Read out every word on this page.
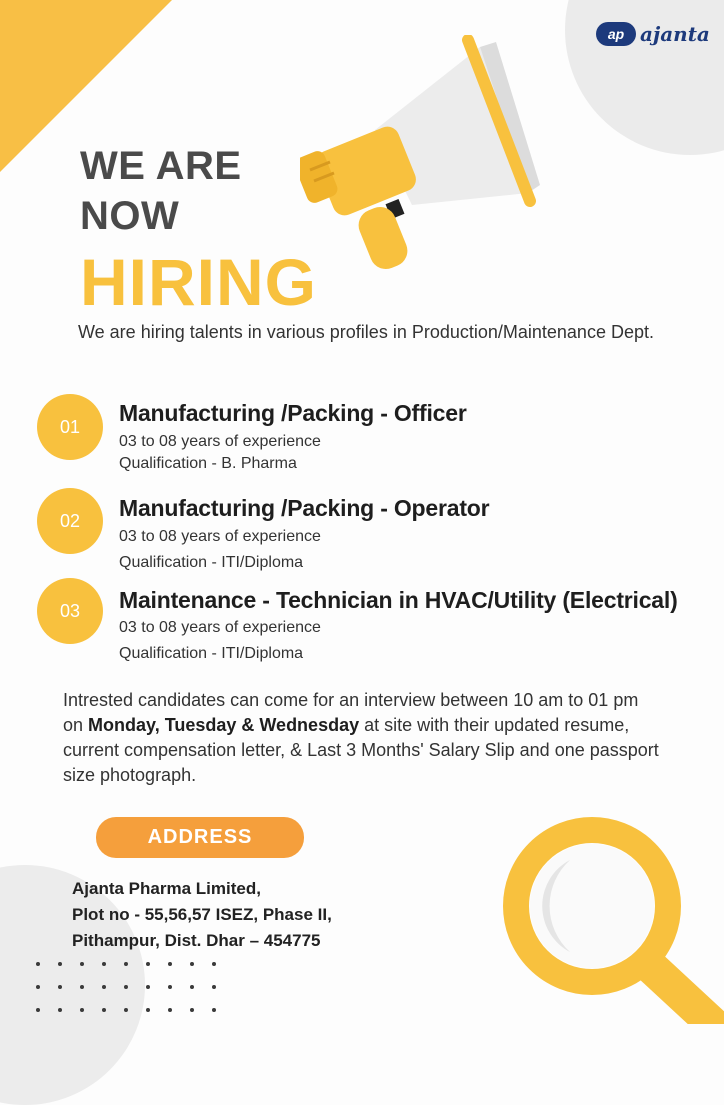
ap ajanta
WE ARE
NOW
HIRING
We are hiring talents in various profiles in Production/Maintenance Dept.
01
Manufacturing /Packing - Officer
03 to 08 years of experience
Qualification - B. Pharma
02	Manufacturing /Packing - Operator
03 to 08 years of experience
Qualification - ITI/Diploma
03	Maintenance - Technician in HVAC/Utility (Electrical)
03 to 08 years of experience
Qualification - ITI/Diploma
Intrested candidates can come for an interview between 10 am to 01 pm on Monday, Tuesday & Wednesday at site with their updated resume, current compensation letter, & Last 3 Months' Salary Slip and one passport size photograph.
ADDRESS
Ajanta Pharma Limited,
Plot no - 55,56,57 ISEZ, Phase II,
Pithampur, Dist. Dhar – 454775
